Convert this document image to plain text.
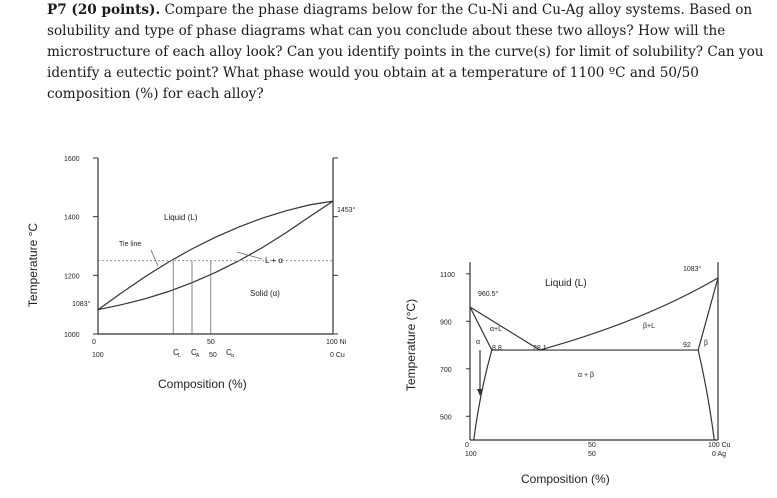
P7 (20 points). Compare the phase diagrams below for the Cu-Ni and Cu-Ag alloy systems. Based on solubility and type of phase diagrams what can you conclude about these two alloys? How will the microstructure of each alloy look? Can you identify points in the curve(s) for limit of solubility? Can you identify a eutectic point? What phase would you obtain at a temperature of 1100 ºC and 50/50 composition (%) for each alloy?

Temperature °C
1000
1200
1400
1600
1083°
1453°
Liquid (L)
L + α
Solid (α)
Tie line
0
100
50
50
100 Ni
0 Cu
C L C A	C α
Composition (%)	Temperature (°C)
500
700
900
1100
960.5°
1083°
8.8	28.1	92
Liquid (L)
α+L	β+L
α	β
α + β
0
100
50
50
100 Cu
0 Ag
Composition (%)
